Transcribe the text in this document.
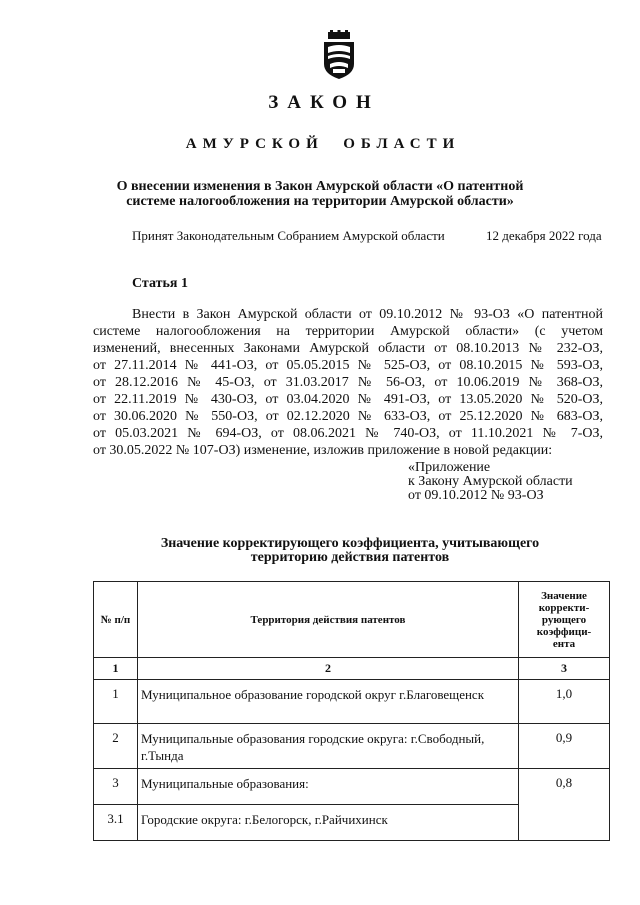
ЗАКОН
АМУРСКОЙ  ОБЛАСТИ
О внесении изменения в Закон Амурской области «О патентной
системе налогообложения на территории Амурской области»
Принят Законодательным Собранием Амурской области	12 декабря 2022 года
Статья 1
Внести в Закон Амурской области от 09.10.2012 № 93-ОЗ «О патентной
системе налогообложения на территории Амурской области» (с учетом
изменений, внесенных Законами Амурской области от 08.10.2013 № 232-ОЗ,
от 27.11.2014 № 441-ОЗ, от 05.05.2015 № 525-ОЗ, от 08.10.2015 № 593-ОЗ,
от 28.12.2016 № 45-ОЗ, от 31.03.2017 № 56-ОЗ, от 10.06.2019 № 368-ОЗ,
от 22.11.2019 № 430-ОЗ, от 03.04.2020 № 491-ОЗ, от 13.05.2020 № 520-ОЗ,
от 30.06.2020 № 550-ОЗ, от 02.12.2020 № 633-ОЗ, от 25.12.2020 № 683-ОЗ,
от 05.03.2021 № 694-ОЗ, от 08.06.2021 № 740-ОЗ, от 11.10.2021 № 7-ОЗ,
от 30.05.2022 № 107-ОЗ) изменение, изложив приложение в новой редакции:
«Приложение
к Закону Амурской области
от 09.10.2012 № 93-ОЗ
Значение корректирующего коэффициента, учитывающего
территорию действия патентов
№ п/п	Территория действия патентов	Значение
корректи-
рующего
коэффици-
ента

1	2	3
1	Муниципальное образование городской округ г.Благовещенск	1,0
2	Муниципальные образования городские округа: г.Свободный, г.Тында	0,9
3	Муниципальные образования:	0,8
3.1	Городские округа: г.Белогорск, г.Райчихинск	
